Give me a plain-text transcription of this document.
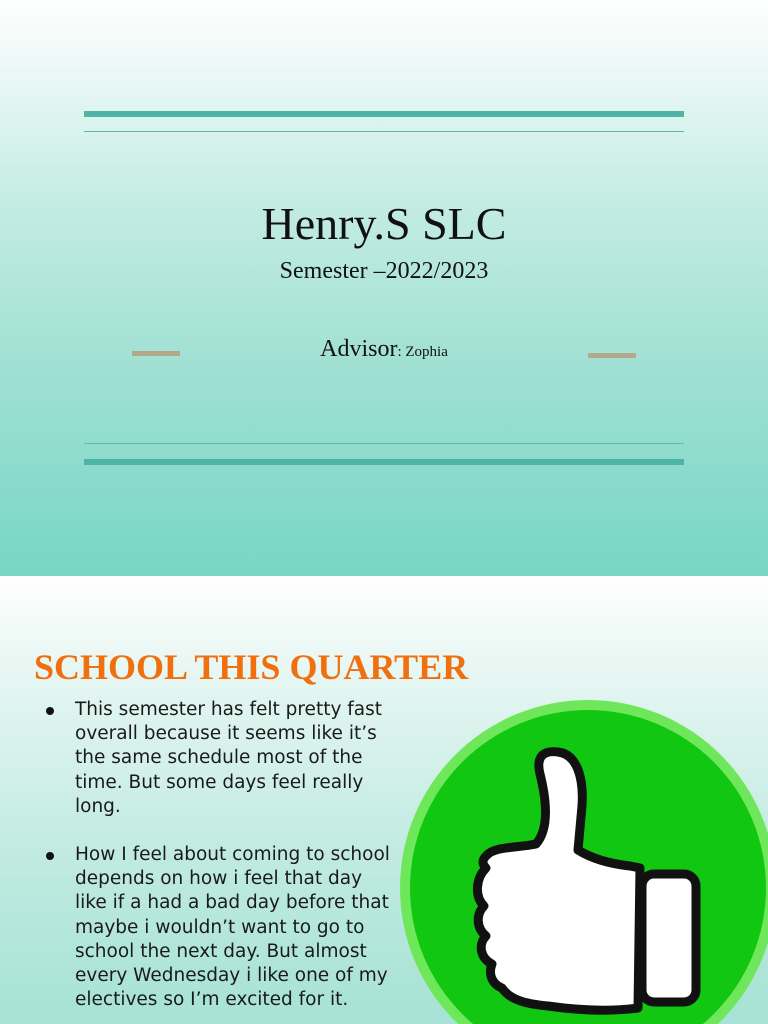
Henry.S SLC
Semester –2022/2023
Advisor: Zophia
SCHOOL THIS QUARTER
This semester has felt pretty fast overall because it seems like it’s the same schedule most of the time. But some days feel really long.
How I feel about coming to school depends on how i feel that day like if a had a bad day before that maybe i wouldn’t want to go to school the next day. But almost every Wednesday i like one of my electives so I’m excited for it.
